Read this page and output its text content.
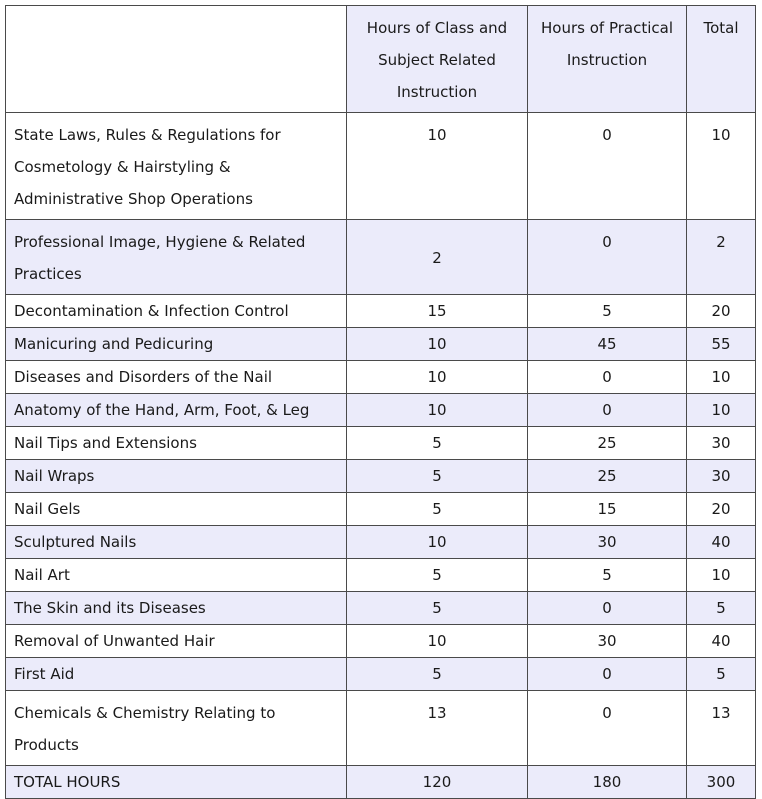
	Hours of Class and Subject Related Instruction	Hours of Practical Instruction	Total
State Laws, Rules & Regulations for Cosmetology & Hairstyling & Administrative Shop Operations	10	0	10
Professional Image, Hygiene & Related Practices	2	0	2
Decontamination & Infection Control	15	5	20
Manicuring and Pedicuring	10	45	55
Diseases and Disorders of the Nail	10	0	10
Anatomy of the Hand, Arm, Foot, & Leg	10	0	10
Nail Tips and Extensions	5	25	30
Nail Wraps	5	25	30
Nail Gels	5	15	20
Sculptured Nails	10	30	40
Nail Art	5	5	10
The Skin and its Diseases	5	0	5
Removal of Unwanted Hair	10	30	40
First Aid	5	0	5
Chemicals & Chemistry Relating to Products	13	0	13
TOTAL HOURS	120	180	300
